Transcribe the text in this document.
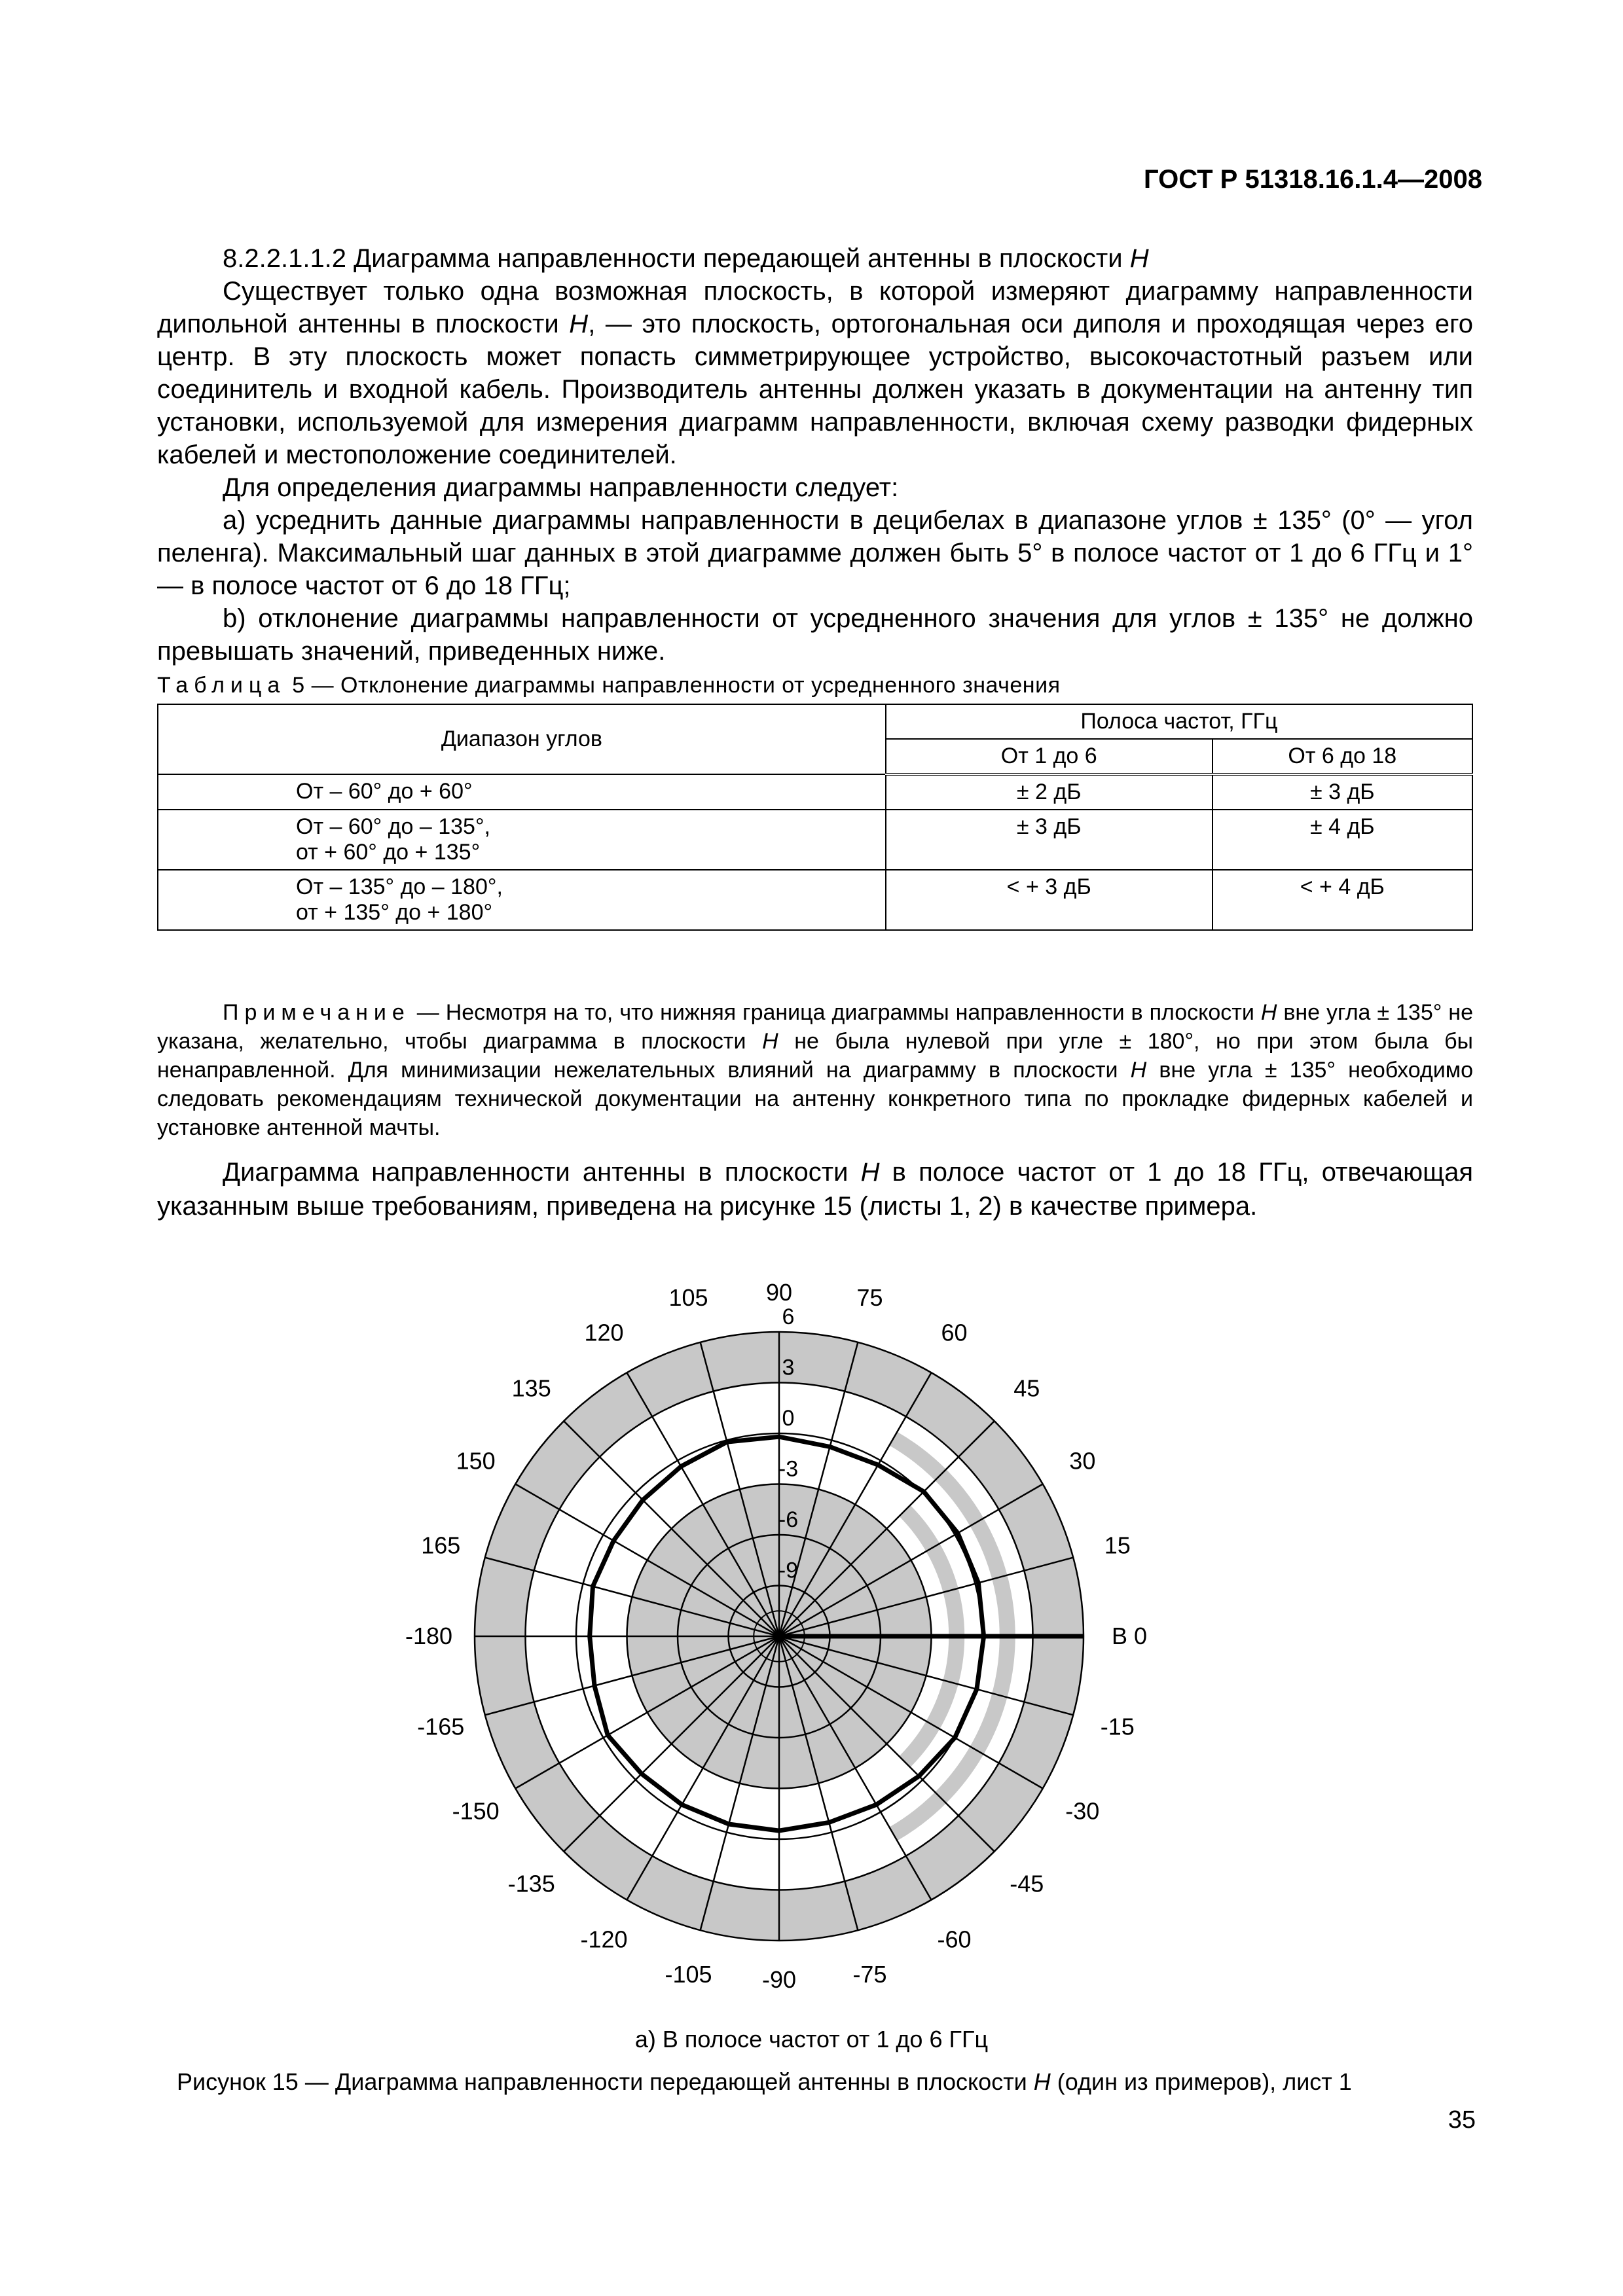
ГОСТ Р 51318.16.1.4—2008

8.2.2.1.1.2 Диаграмма направленности передающей антенны в плоскости H

Существует только одна возможная плоскость, в которой измеряют диаграмму направленности дипольной антенны в плоскости H, — это плоскость, ортогональная оси диполя и проходящая через его центр. В эту плоскость может попасть симметрирующее устройство, высокочастотный разъем или соединитель и входной кабель. Производитель антенны должен указать в документации на антенну тип установки, используемой для измерения диаграмм направленности, включая схему разводки фидерных кабелей и местоположение соединителей.

Для определения диаграммы направленности следует:

a) усреднить данные диаграммы направленности в децибелах в диапазоне углов ± 135° (0° — угол пеленга). Максимальный шаг данных в этой диаграмме должен быть 5° в полосе частот от 1 до 6 ГГц и 1° — в полосе частот от 6 до 18 ГГц;

b) отклонение диаграммы направленности от усредненного значения для углов ± 135° не должно превышать значений, приведенных ниже.

Таблица 5 — Отклонение диаграммы направленности от усредненного значения
Диапазон углов	Полоса частот, ГГц	
	От 1 до 6	От 6 до 18
От – 60° до + 60°	± 2 дБ	± 3 дБ
От – 60° до – 135°,
от + 60° до + 135°	± 3 дБ	± 4 дБ
От – 135° до – 180°,
от + 135° до + 180°	< + 3 дБ	< + 4 дБ
Примечание — Несмотря на то, что нижняя граница диаграммы направленности в плоскости H вне угла ± 135° не указана, желательно, чтобы диаграмма в плоскости H не была нулевой при угле ± 180°, но при этом была бы ненаправленной. Для минимизации нежелательных влияний на диаграмму в плоскости H вне угла ± 135° необходимо следовать рекомендациям технической документации на антенну конкретного типа по прокладке фидерных кабелей и установке антенной мачты.

Диаграмма направленности антенны в плоскости H в полосе частот от 1 до 18 ГГц, отвечающая указанным выше требованиям, приведена на рисунке 15 (листы 1, 2) в качестве примера.

B 0
15
30
45
60
75
90
105
120
135
150
165
-180
-165
-150
-135
-120
-105 -90 -75
-60
-45
-30
-15
6
3
0
-3
-6
-9
а) В полосе частот от 1 до 6 ГГц
Рисунок 15 — Диаграмма направленности передающей антенны в плоскости H (один из примеров), лист 1
35
